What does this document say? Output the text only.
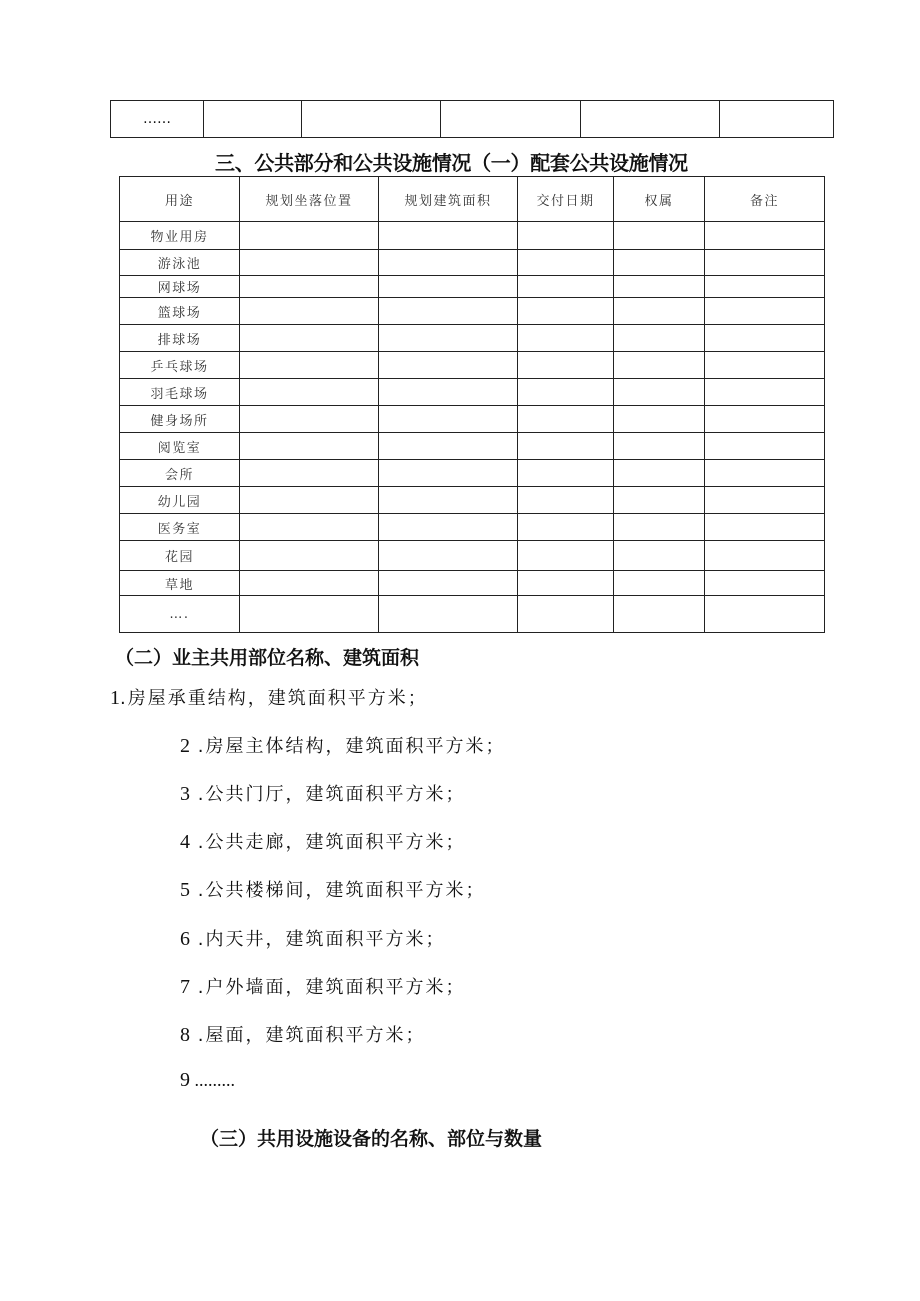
……					
三、公共部分和公共设施情况（一）配套公共设施情况
用途	规划坐落位置	规划建筑面积	交付日期	权属	备注
物业用房					
游泳池					
网球场					
篮球场					
排球场					
乒乓球场					
羽毛球场					
健身场所					
阅览室					
会所					
幼儿园					
医务室					
花园					
草地					
….					
（二）业主共用部位名称、建筑面积
1.房屋承重结构，建筑面积平方米；
2 .房屋主体结构，建筑面积平方米；
3 .公共门厅，建筑面积平方米；
4 .公共走廊，建筑面积平方米；
5 .公共楼梯间，建筑面积平方米；
6 .内天井，建筑面积平方米；
7 .户外墙面，建筑面积平方米；
8 .屋面，建筑面积平方米；
9 .........
（三）共用设施设备的名称、部位与数量
